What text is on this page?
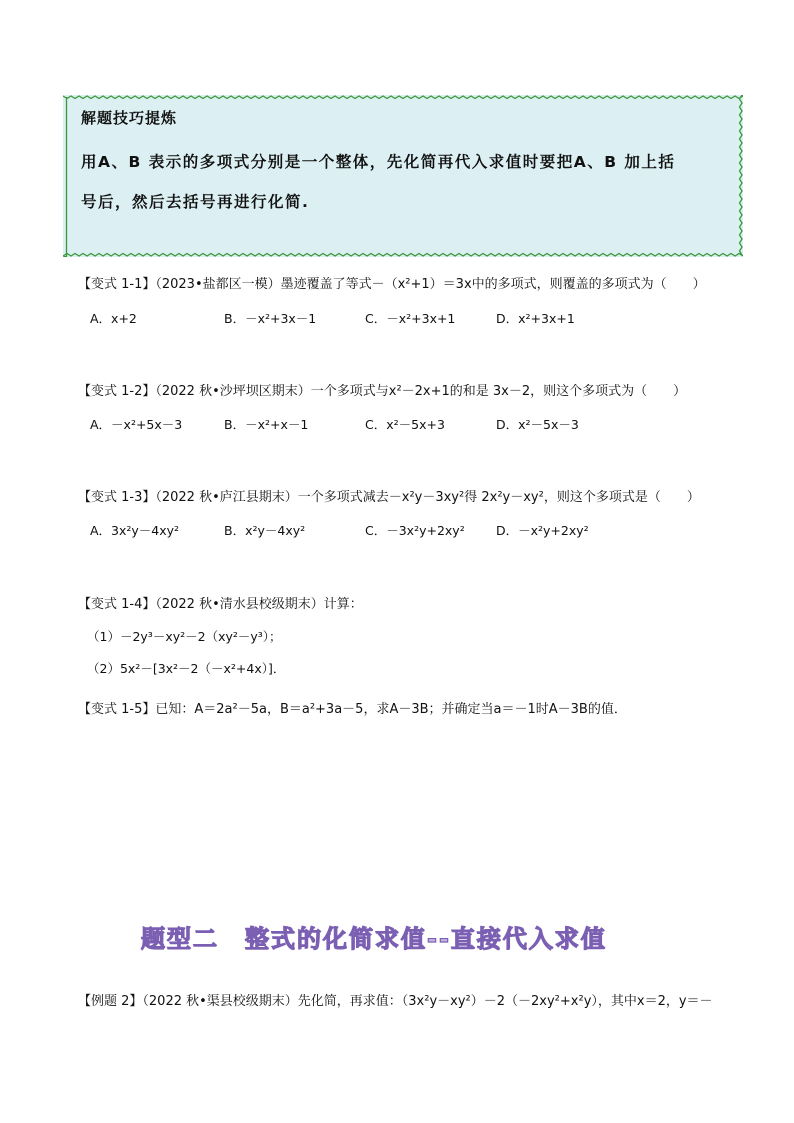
解题技巧提炼
用A、B 表示的多项式分别是一个整体，先化简再代入求值时要把A、B 加上括
号后，然后去括号再进行化简.
【变式 1-1】（2023•盐都区一模）墨迹覆盖了等式－（x²+1）＝3x中的多项式，则覆盖的多项式为（　　）
A．x+2	B．－x²+3x－1	C．－x²+3x+1	D．x²+3x+1
【变式 1-2】（2022 秋•沙坪坝区期末）一个多项式与x²－2x+1的和是 3x－2，则这个多项式为（　　）
A．－x²+5x－3	B．－x²+x－1	C．x²－5x+3	D．x²－5x－3
【变式 1-3】（2022 秋•庐江县期末）一个多项式减去－x²y－3xy²得 2x²y－xy²，则这个多项式是（　　）
A．3x²y－4xy²	B．x²y－4xy²	C．－3x²y+2xy²	D．－x²y+2xy²
【变式 1-4】（2022 秋•清水县校级期末）计算：
（1）－2y³－xy²－2（xy²－y³）；
（2）5x²－[3x²－2（－x²+4x）]．
【变式 1-5】已知：A＝2a²－5a，B＝a²+3a－5，求A－3B；并确定当a＝－1时A－3B的值．
题型二　整式的化简求值--直接代入求值
【例题 2】（2022 秋•渠县校级期末）先化简，再求值：（3x²y－xy²）－2（－2xy²+x²y），其中x＝2，y＝－
